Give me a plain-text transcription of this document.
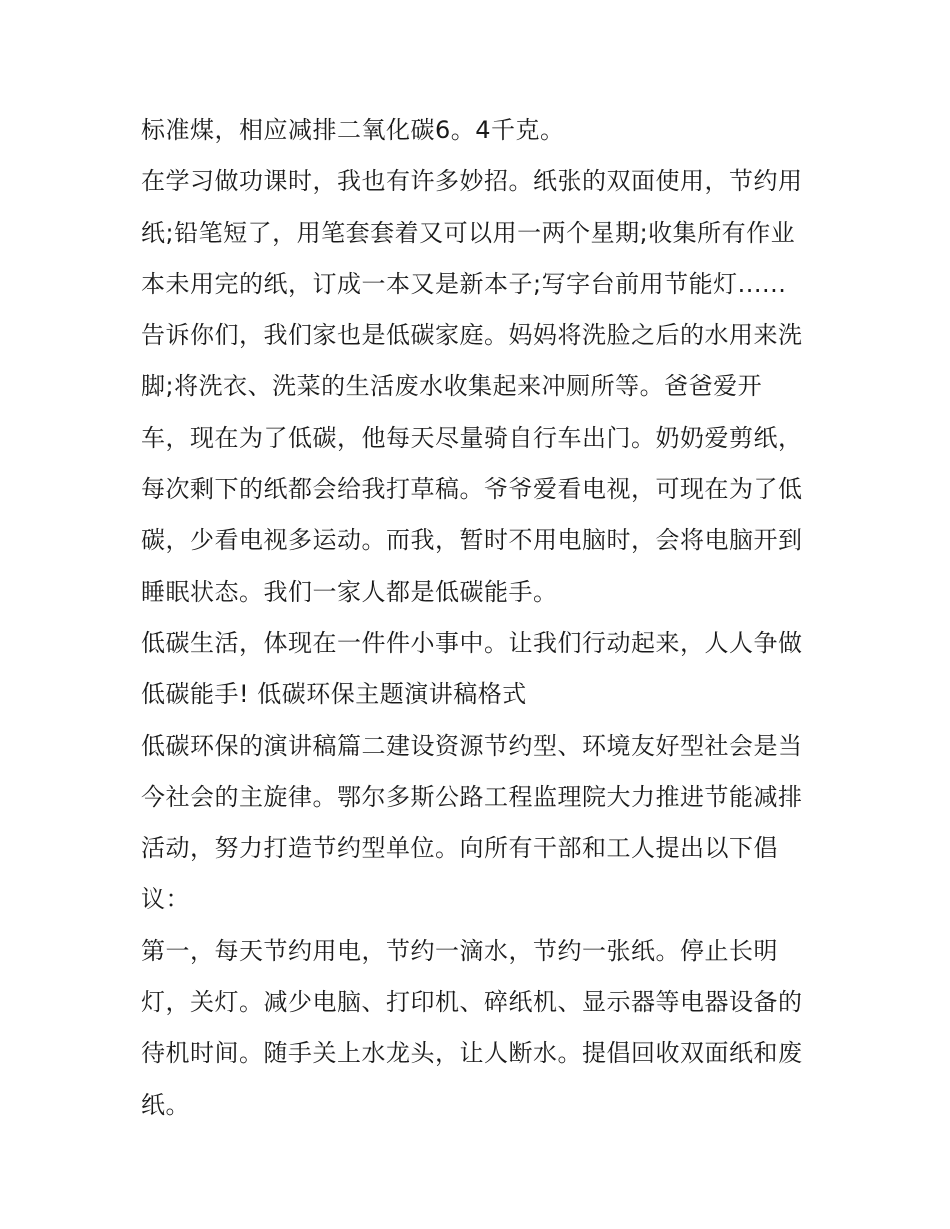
标准煤，相应减排二氧化碳6。4千克。
在学习做功课时，我也有许多妙招。纸张的双面使用，节约用
纸;铅笔短了，用笔套套着又可以用一两个星期;收集所有作业
本未用完的纸，订成一本又是新本子;写字台前用节能灯......
告诉你们，我们家也是低碳家庭。妈妈将洗脸之后的水用来洗
脚;将洗衣、洗菜的生活废水收集起来冲厕所等。爸爸爱开
车，现在为了低碳，他每天尽量骑自行车出门。奶奶爱剪纸，
每次剩下的纸都会给我打草稿。爷爷爱看电视，可现在为了低
碳，少看电视多运动。而我，暂时不用电脑时，会将电脑开到
睡眠状态。我们一家人都是低碳能手。
低碳生活，体现在一件件小事中。让我们行动起来，人人争做
低碳能手! 低碳环保主题演讲稿格式
低碳环保的演讲稿篇二建设资源节约型、环境友好型社会是当
今社会的主旋律。鄂尔多斯公路工程监理院大力推进节能减排
活动，努力打造节约型单位。向所有干部和工人提出以下倡
议：
第一，每天节约用电，节约一滴水，节约一张纸。停止长明
灯，关灯。减少电脑、打印机、碎纸机、显示器等电器设备的
待机时间。随手关上水龙头，让人断水。提倡回收双面纸和废
纸。
